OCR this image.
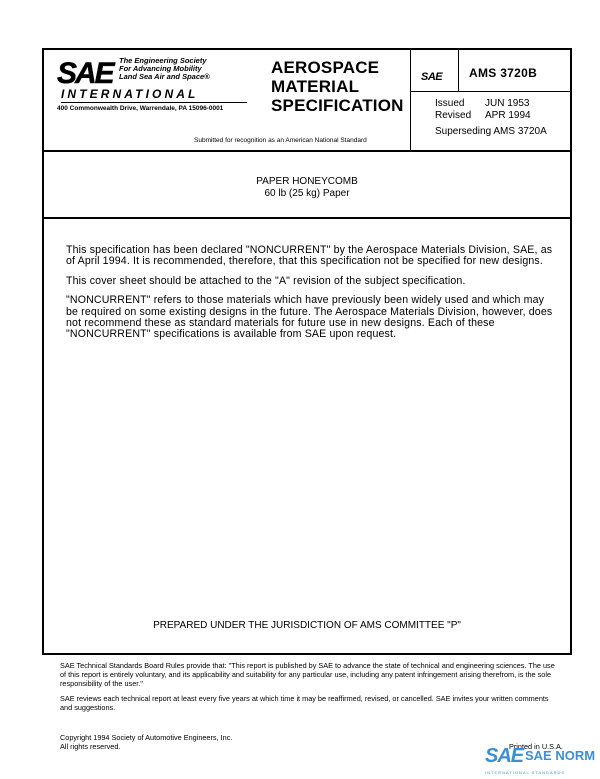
SAE The Engineering Society
For Advancing Mobility
Land Sea Air and Space®
INTERNATIONAL
400 Commonwealth Drive, Warrendale, PA 15096-0001
AEROSPACE
MATERIAL
SPECIFICATION
Submitted for recognition as an American National Standard
SAE AMS 3720B
Issued JUN 1953
Revised APR 1994
Superseding AMS 3720A
PAPER HONEYCOMB
60 lb (25 kg) Paper

This specification has been declared "NONCURRENT" by the Aerospace Materials Division, SAE, as of April 1994. It is recommended, therefore, that this specification not be specified for new designs.

This cover sheet should be attached to the "A" revision of the subject specification.

"NONCURRENT" refers to those materials which have previously been widely used and which may be required on some existing designs in the future. The Aerospace Materials Division, however, does not recommend these as standard materials for future use in new designs. Each of these "NONCURRENT" specifications is available from SAE upon request.

PREPARED UNDER THE JURISDICTION OF AMS COMMITTEE "P"

SAE Technical Standards Board Rules provide that: "This report is published by SAE to advance the state of technical and engineering sciences. The use of this report is entirely voluntary, and its applicability and suitability for any particular use, including any patent infringement arising therefrom, is the sole responsibility of the user."

SAE reviews each technical report at least every five years at which time it may be reaffirmed, revised, or cancelled. SAE invites your written comments and suggestions.

Copyright 1994 Society of Automotive Engineers, Inc.
All rights reserved.	Printed in U.S.A.
SAE SAE NORM
INTERNATIONAL STANDARDS
